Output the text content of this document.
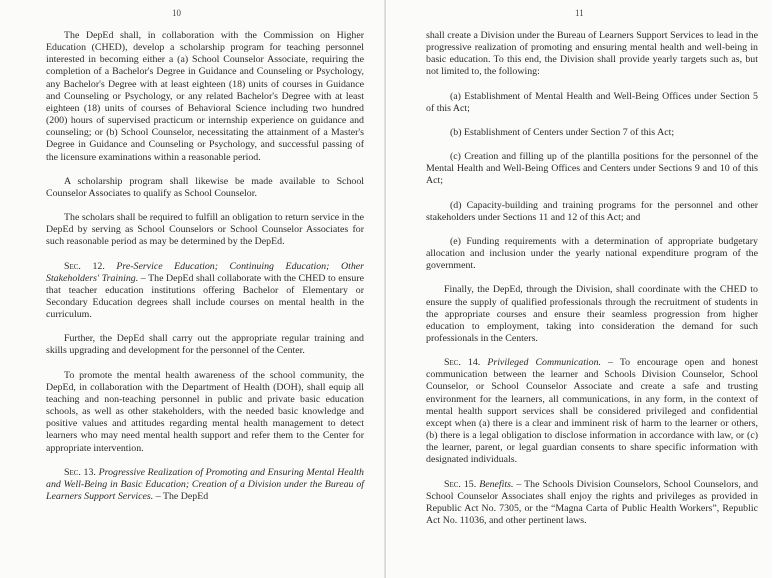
10

The DepEd shall, in collaboration with the Commission on Higher Education (CHED), develop a scholarship program for teaching personnel interested in becoming either a (a) School Counselor Associate, requiring the completion of a Bachelor's Degree in Guidance and Counseling or Psychology, any Bachelor's Degree with at least eighteen (18) units of courses in Guidance and Counseling or Psychology, or any related Bachelor's Degree with at least eighteen (18) units of courses of Behavioral Science including two hundred (200) hours of supervised practicum or internship experience on guidance and counseling; or (b) School Counselor, necessitating the attainment of a Master's Degree in Guidance and Counseling or Psychology, and successful passing of the licensure examinations within a reasonable period.

A scholarship program shall likewise be made available to School Counselor Associates to qualify as School Counselor.

The scholars shall be required to fulfill an obligation to return service in the DepEd by serving as School Counselors or School Counselor Associates for such reasonable period as may be determined by the DepEd.

Sec. 12. Pre-Service Education; Continuing Education; Other Stakeholders' Training. – The DepEd shall collaborate with the CHED to ensure that teacher education institutions offering Bachelor of Elementary or Secondary Education degrees shall include courses on mental health in the curriculum.

Further, the DepEd shall carry out the appropriate regular training and skills upgrading and development for the personnel of the Center.

To promote the mental health awareness of the school community, the DepEd, in collaboration with the Department of Health (DOH), shall equip all teaching and non-teaching personnel in public and private basic education schools, as well as other stakeholders, with the needed basic knowledge and positive values and attitudes regarding mental health management to detect learners who may need mental health support and refer them to the Center for appropriate intervention.

Sec. 13. Progressive Realization of Promoting and Ensuring Mental Health and Well-Being in Basic Education; Creation of a Division under the Bureau of Learners Support Services. – The DepEd

11

shall create a Division under the Bureau of Learners Support Services to lead in the progressive realization of promoting and ensuring mental health and well-being in basic education. To this end, the Division shall provide yearly targets such as, but not limited to, the following:

(a) Establishment of Mental Health and Well-Being Offices under Section 5 of this Act;

(b) Establishment of Centers under Section 7 of this Act;

(c) Creation and filling up of the plantilla positions for the personnel of the Mental Health and Well-Being Offices and Centers under Sections 9 and 10 of this Act;

(d) Capacity-building and training programs for the personnel and other stakeholders under Sections 11 and 12 of this Act; and

(e) Funding requirements with a determination of appropriate budgetary allocation and inclusion under the yearly national expenditure program of the government.

Finally, the DepEd, through the Division, shall coordinate with the CHED to ensure the supply of qualified professionals through the recruitment of students in the appropriate courses and ensure their seamless progression from higher education to employment, taking into consideration the demand for such professionals in the Centers.

Sec. 14. Privileged Communication. – To encourage open and honest communication between the learner and Schools Division Counselor, School Counselor, or School Counselor Associate and create a safe and trusting environment for the learners, all communications, in any form, in the context of mental health support services shall be considered privileged and confidential except when (a) there is a clear and imminent risk of harm to the learner or others, (b) there is a legal obligation to disclose information in accordance with law, or (c) the learner, parent, or legal guardian consents to share specific information with designated individuals.

Sec. 15. Benefits. – The Schools Division Counselors, School Counselors, and School Counselor Associates shall enjoy the rights and privileges as provided in Republic Act No. 7305, or the “Magna Carta of Public Health Workers”, Republic Act No. 11036, and other pertinent laws.
